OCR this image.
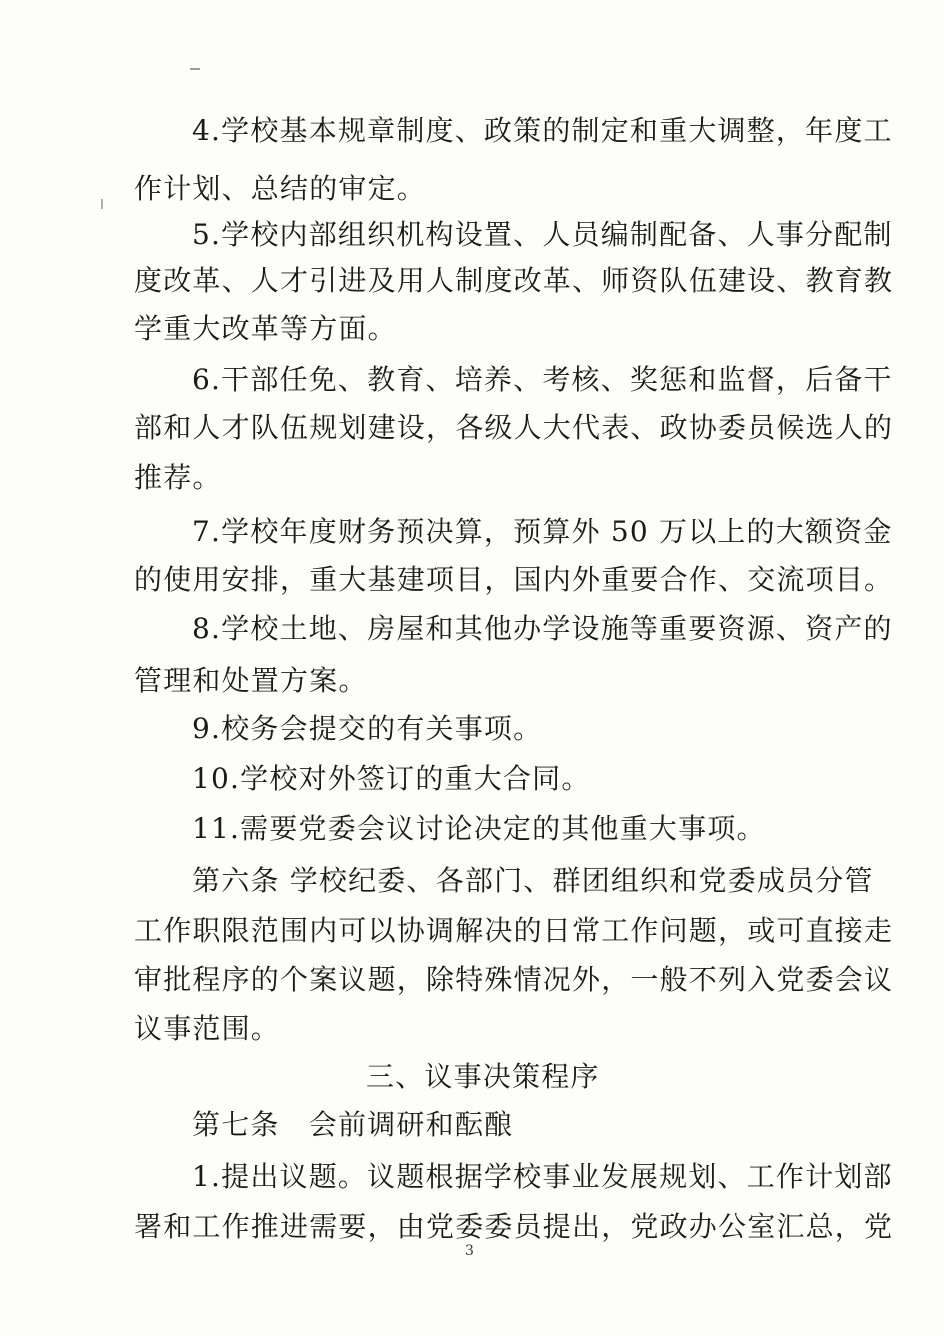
4.学校基本规章制度、政策的制定和重大调整，年度工
作计划、总结的审定。
5.学校内部组织机构设置、人员编制配备、人事分配制
度改革、人才引进及用人制度改革、师资队伍建设、教育教
学重大改革等方面。
6.干部任免、教育、培养、考核、奖惩和监督，后备干
部和人才队伍规划建设，各级人大代表、政协委员候选人的
推荐。
7.学校年度财务预决算，预算外 50 万以上的大额资金
的使用安排，重大基建项目，国内外重要合作、交流项目。
8.学校土地、房屋和其他办学设施等重要资源、资产的
管理和处置方案。
9.校务会提交的有关事项。
10.学校对外签订的重大合同。
11.需要党委会议讨论决定的其他重大事项。
第六条 学校纪委、各部门、群团组织和党委成员分管
工作职限范围内可以协调解决的日常工作问题，或可直接走
审批程序的个案议题，除特殊情况外，一般不列入党委会议
议事范围。
三、议事决策程序
第七条　会前调研和酝酿
1.提出议题。议题根据学校事业发展规划、工作计划部
署和工作推进需要，由党委委员提出，党政办公室汇总，党
3
